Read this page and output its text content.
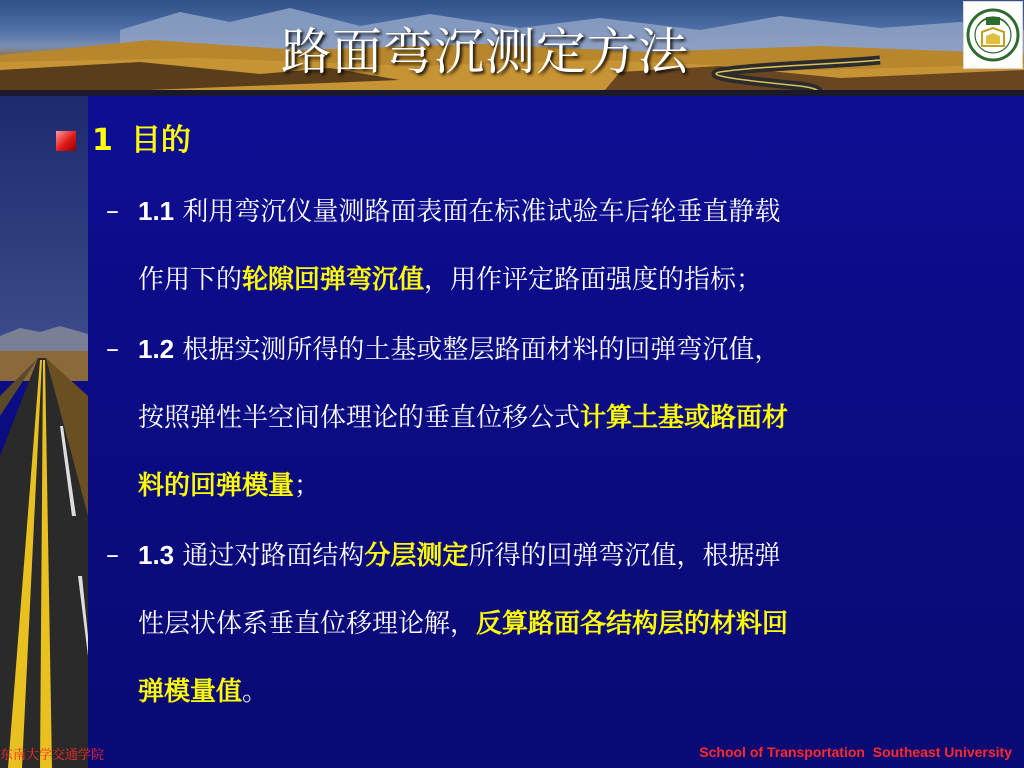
路面弯沉测定方法
1 目的
– 1.1 利用弯沉仪量测路面表面在标准试验车后轮垂直静载
作用下的轮隙回弹弯沉值，用作评定路面强度的指标；
– 1.2 根据实测所得的土基或整层路面材料的回弹弯沉值，
按照弹性半空间体理论的垂直位移公式计算土基或路面材
料的回弹模量；
– 1.3 通过对路面结构分层测定所得的回弹弯沉值，根据弹
性层状体系垂直位移理论解，反算路面各结构层的材料回
弹模量值。
东南大学交通学院	School of Transportation  Southeast University
